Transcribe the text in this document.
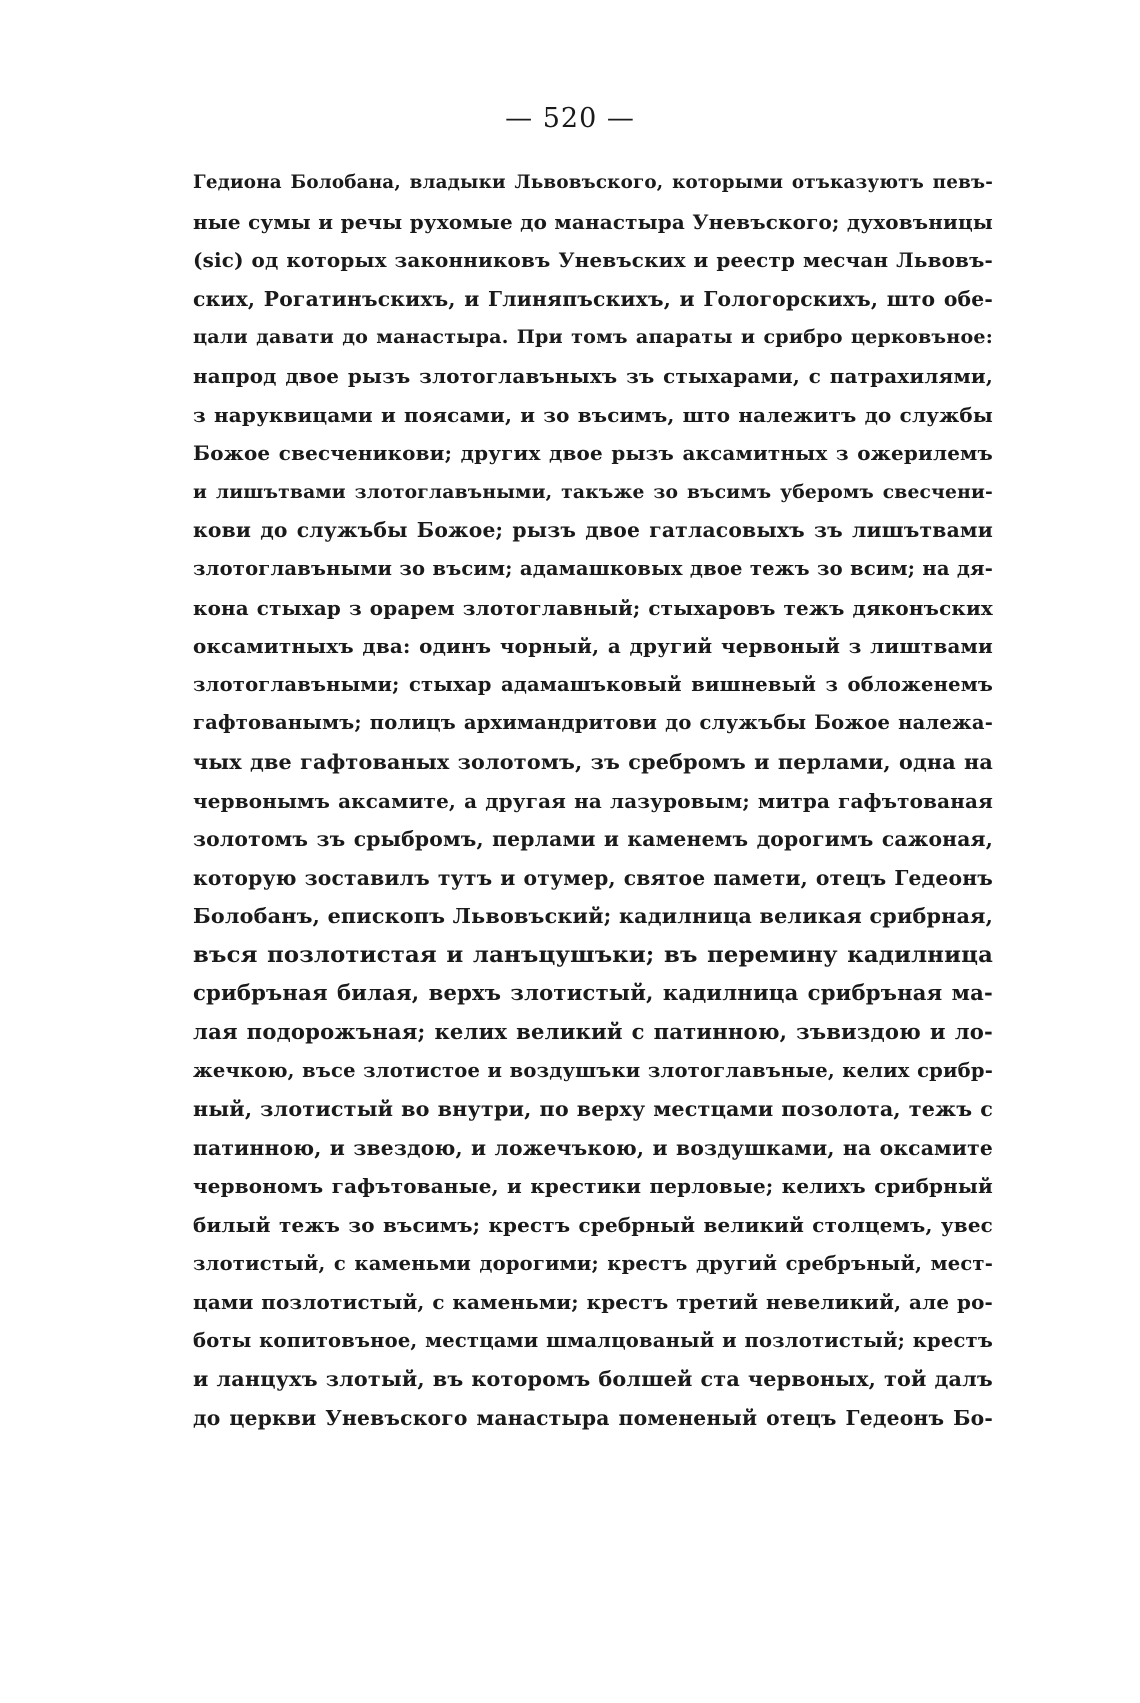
— 520 —
Гедиона Болобана, владыки Львовъского, которыми отъказуютъ певъ-
ные сумы и речы рухомые до манастыра Уневъского; духовъницы
(sic) од которых законниковъ Уневъских и реестр месчан Львовъ-
ских, Рогатинъскихъ, и Глиняпъскихъ, и Гологорскихъ, што обе-
цали давати до манастыра. При томъ апараты и срибро церковъное:
напрод двое рызъ злотоглавъныхъ зъ стыхарами, с патрахилями,
з наруквицами и поясами, и зо въсимъ, што належитъ до службы
Божое свесченикови; других двое рызъ аксамитных з ожерилемъ
и лишътвами злотоглавъными, такъже зо въсимъ уберомъ свесчени-
кови до служъбы Божое; рызъ двое гатласовыхъ зъ лишътвами
злотоглавъными зо въсим; адамашковых двое тежъ зо всим; на дя-
кона стыхар з орарем злотоглавный; стыхаровъ тежъ дяконъских
оксамитныхъ два: одинъ чорный, а другий червоный з лиштвами
злотоглавъными; стыхар адамашъковый вишневый з обложенемъ
гафтованымъ; полицъ архимандритови до служъбы Божое належа-
чых две гафтованых золотомъ, зъ сребромъ и перлами, одна на
червонымъ аксамите, а другая на лазуровым; митра гафътованая
золотомъ зъ срыбромъ, перлами и каменемъ дорогимъ сажоная,
которую зоставилъ тутъ и отумер, святое памети, отецъ Гедеонъ
Болобанъ, епископъ Львовъский; кадилница великая срибрная,
въся позлотистая и ланъцушъки; въ перемину кадилница
срибръная билая, верхъ злотистый, кадилница срибръная ма-
лая подорожъная; келих великий с патинною, зъвиздою и ло-
жечкою, въсе злотистое и воздушъки злотоглавъные, келих срибр-
ный, злотистый во внутри, по верху местцами позолота, тежъ с
патинною, и звездою, и ложечъкою, и воздушками, на оксамите
червономъ гафътованые, и крестики перловые; келихъ срибрный
билый тежъ зо въсимъ; крестъ сребрный великий столцемъ, увес
злотистый, с каменьми дорогими; крестъ другий сребръный, мест-
цами позлотистый, с каменьми; крестъ третий невеликий, але ро-
боты копитовъное, местцами шмалцованый и позлотистый; крестъ
и ланцухъ злотый, въ которомъ болшей ста червоных, той далъ
до церкви Уневъского манастыра помененый отецъ Гедеонъ Бо-
